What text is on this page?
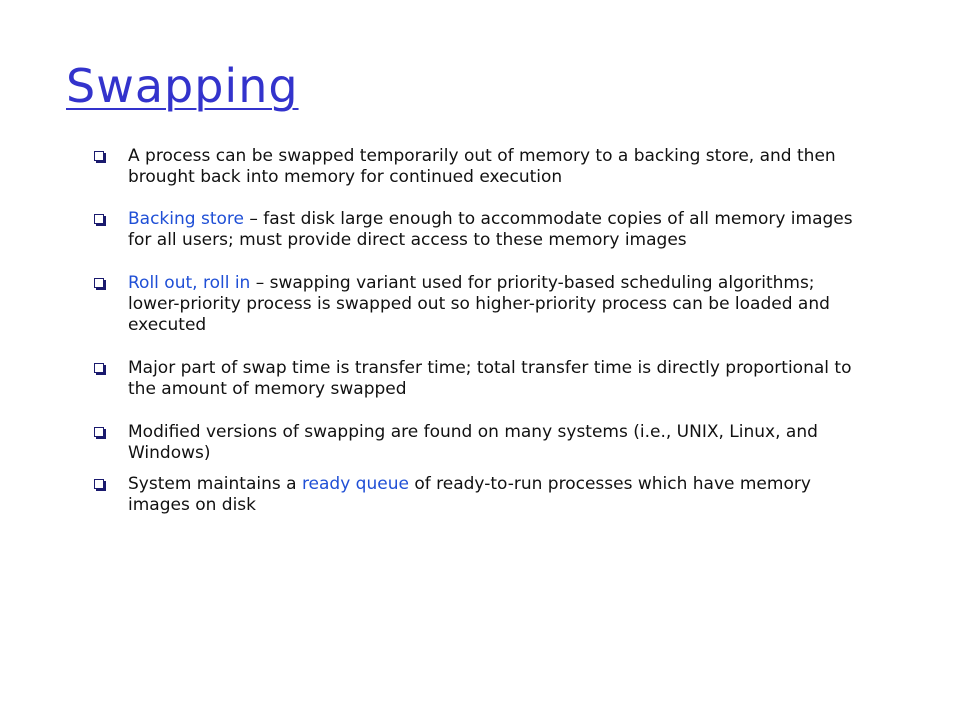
Swapping
A process can be swapped temporarily out of memory to a backing store, and then brought back into memory for continued execution
Backing store – fast disk large enough to accommodate copies of all memory images for all users; must provide direct access to these memory images
Roll out, roll in – swapping variant used for priority-based scheduling algorithms; lower-priority process is swapped out so higher-priority process can be loaded and executed
Major part of swap time is transfer time; total transfer time is directly proportional to the amount of memory swapped
Modified versions of swapping are found on many systems (i.e., UNIX, Linux, and Windows)
System maintains a ready queue of ready-to-run processes which have memory images on disk
